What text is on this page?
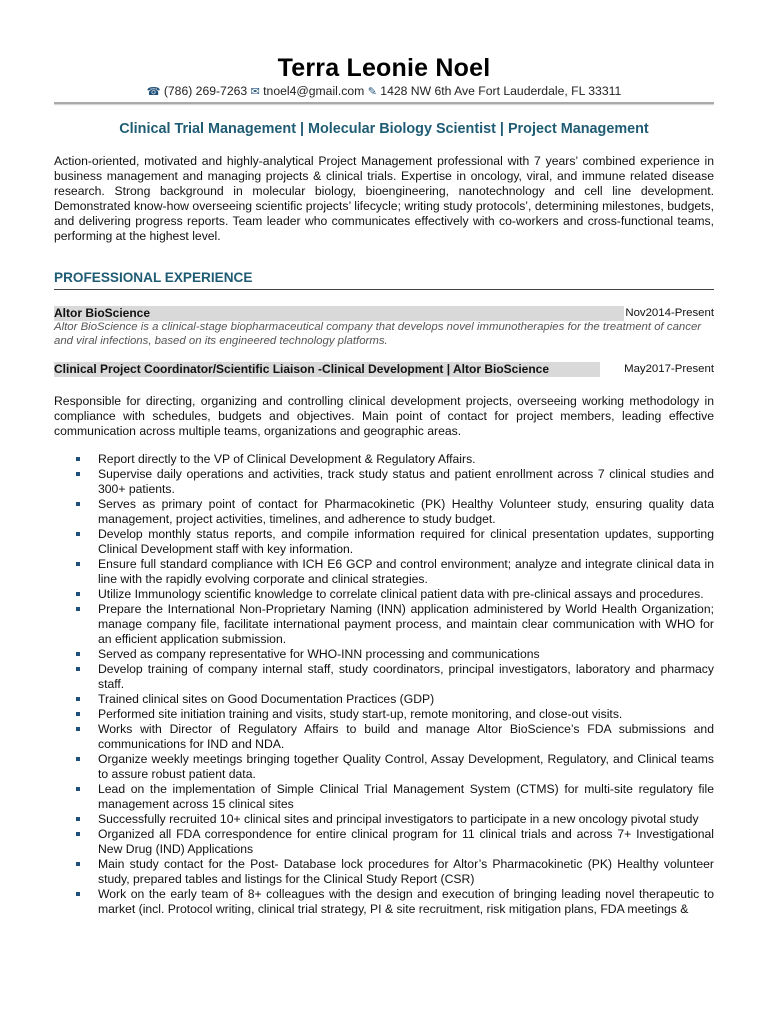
Terra Leonie Noel
☎ (786) 269-7263 ✉ tnoel4@gmail.com ✎ 1428 NW 6th Ave Fort Lauderdale, FL 33311
Clinical Trial Management | Molecular Biology Scientist | Project Management
Action-oriented, motivated and highly-analytical Project Management professional with 7 years’ combined experience in business management and managing projects & clinical trials. Expertise in oncology, viral, and immune related disease research. Strong background in molecular biology, bioengineering, nanotechnology and cell line development. Demonstrated know-how overseeing scientific projects’ lifecycle; writing study protocols’, determining milestones, budgets, and delivering progress reports. Team leader who communicates effectively with co-workers and cross-functional teams, performing at the highest level.
PROFESSIONAL EXPERIENCE
Altor BioScience	Nov2014-Present
Altor BioScience is a clinical-stage biopharmaceutical company that develops novel immunotherapies for the treatment of cancer and viral infections, based on its engineered technology platforms.
Clinical Project Coordinator/Scientific Liaison -Clinical Development | Altor BioScience	May2017-Present
Responsible for directing, organizing and controlling clinical development projects, overseeing working methodology in compliance with schedules, budgets and objectives. Main point of contact for project members, leading effective communication across multiple teams, organizations and geographic areas.
Report directly to the VP of Clinical Development & Regulatory Affairs.
Supervise daily operations and activities, track study status and patient enrollment across 7 clinical studies and 300+ patients.
Serves as primary point of contact for Pharmacokinetic (PK) Healthy Volunteer study, ensuring quality data management, project activities, timelines, and adherence to study budget.
Develop monthly status reports, and compile information required for clinical presentation updates, supporting Clinical Development staff with key information.
Ensure full standard compliance with ICH E6 GCP and control environment; analyze and integrate clinical data in line with the rapidly evolving corporate and clinical strategies.
Utilize Immunology scientific knowledge to correlate clinical patient data with pre-clinical assays and procedures.
Prepare the International Non-Proprietary Naming (INN) application administered by World Health Organization; manage company file, facilitate international payment process, and maintain clear communication with WHO for an efficient application submission.
Served as company representative for WHO-INN processing and communications
Develop training of company internal staff, study coordinators, principal investigators, laboratory and pharmacy staff.
Trained clinical sites on Good Documentation Practices (GDP)
Performed site initiation training and visits, study start-up, remote monitoring, and close-out visits.
Works with Director of Regulatory Affairs to build and manage Altor BioScience’s FDA submissions and communications for IND and NDA.
Organize weekly meetings bringing together Quality Control, Assay Development, Regulatory, and Clinical teams to assure robust patient data.
Lead on the implementation of Simple Clinical Trial Management System (CTMS) for multi-site regulatory file management across 15 clinical sites
Successfully recruited 10+ clinical sites and principal investigators to participate in a new oncology pivotal study
Organized all FDA correspondence for entire clinical program for 11 clinical trials and across 7+ Investigational New Drug (IND) Applications
Main study contact for the Post- Database lock procedures for Altor’s Pharmacokinetic (PK) Healthy volunteer study, prepared tables and listings for the Clinical Study Report (CSR)
Work on the early team of 8+ colleagues with the design and execution of bringing leading novel therapeutic to market (incl. Protocol writing, clinical trial strategy, PI & site recruitment, risk mitigation plans, FDA meetings &
